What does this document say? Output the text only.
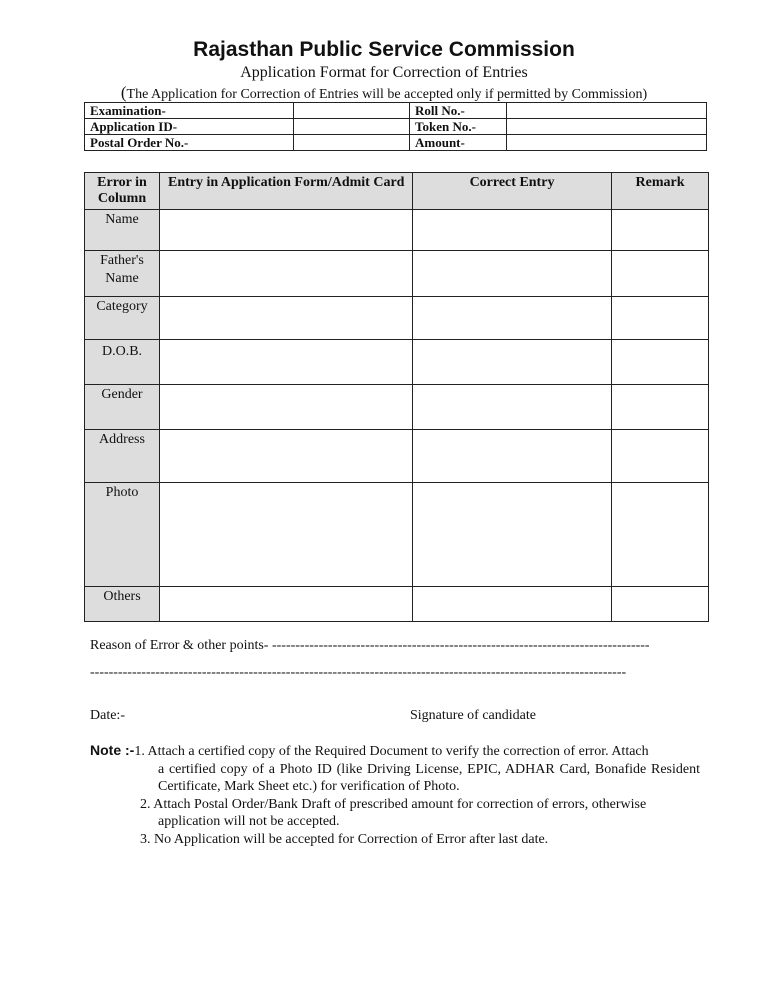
Rajasthan Public Service Commission
Application Format for Correction of Entries
(The Application for Correction of Entries will be accepted only if permitted by Commission)
Examination-		Roll No.-	
Application ID-		Token No.-	
Postal Order No.-		Amount-	
Error in Column	Entry in Application Form/Admit Card	Correct Entry	Remark
Name			
Father's Name			
Category			
D.O.B.			
Gender			
Address			
Photo			
Others			
Reason of Error & other points- ---------------------------------------------------------------------------------
-------------------------------------------------------------------------------------------------------------------
Date:-	Signature of candidate
Note :-1. Attach a certified copy of the Required Document to verify the correction of error. Attach
a certified copy of a Photo ID (like Driving License, EPIC, ADHAR Card, Bonafide Resident Certificate, Mark Sheet etc.) for verification of Photo.
2. Attach Postal Order/Bank Draft of prescribed amount for correction of errors, otherwise
application will not be accepted.
3. No Application will be accepted for Correction of Error after last date.
